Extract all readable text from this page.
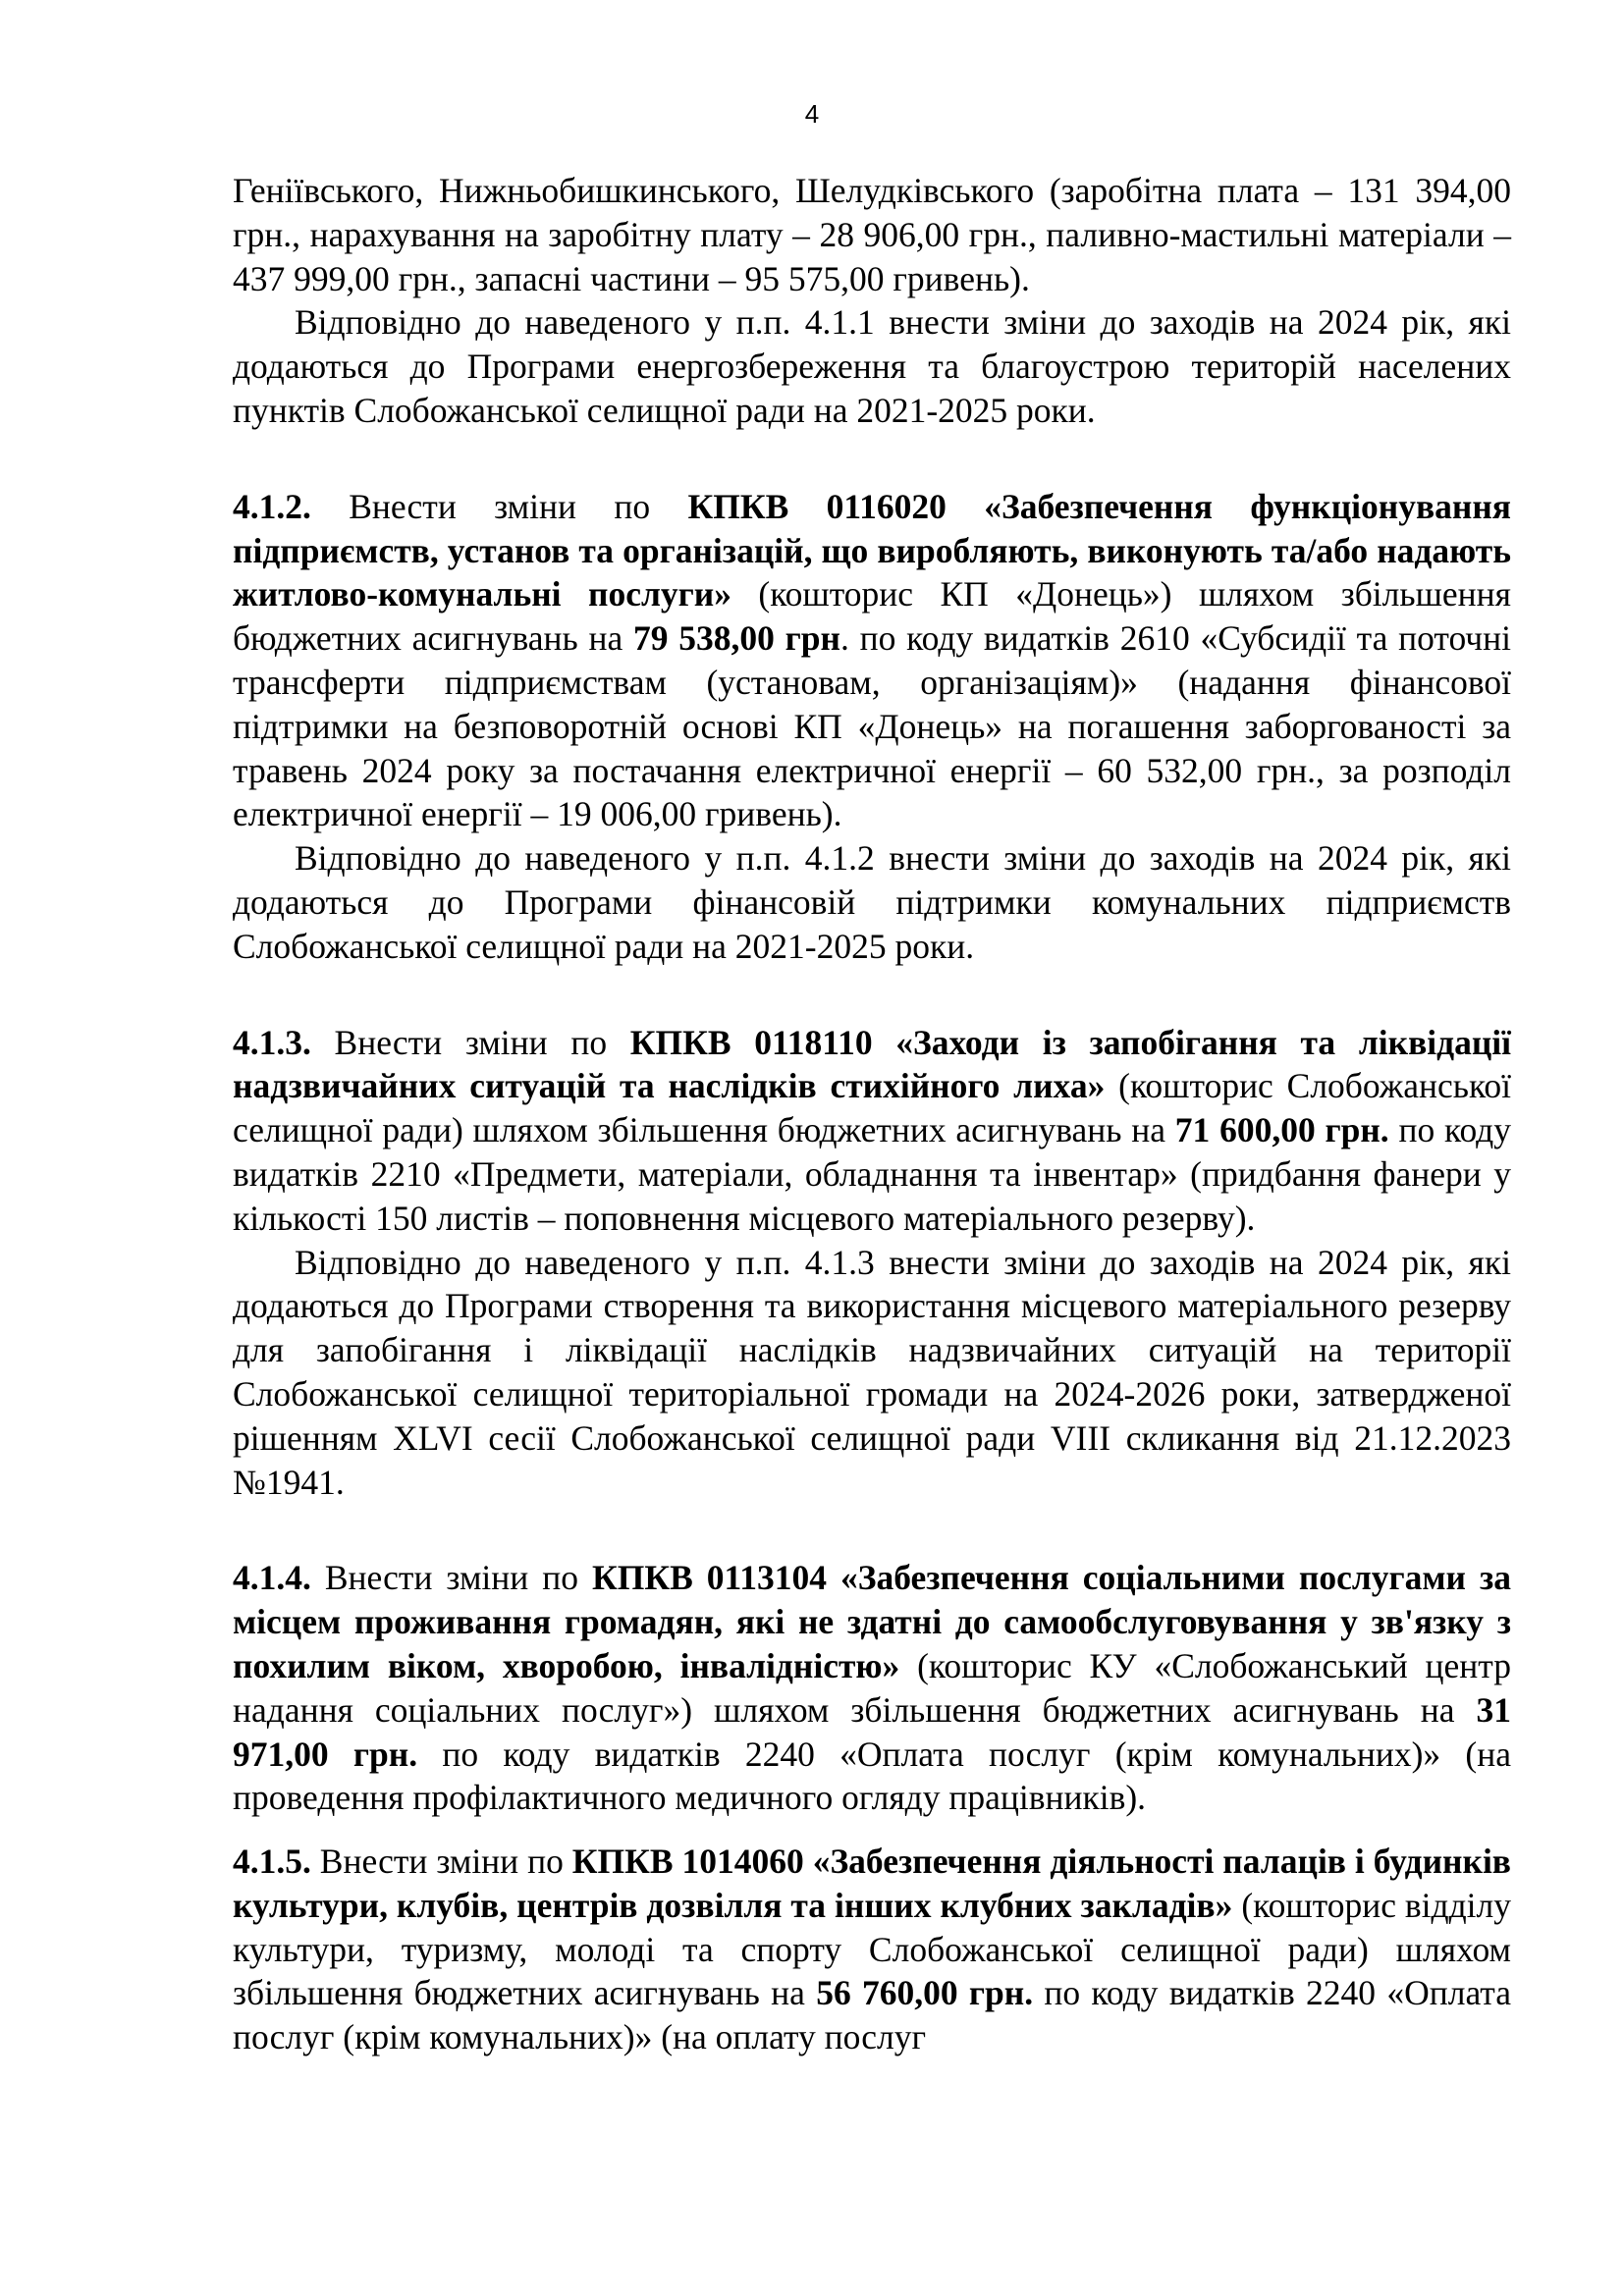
4

Геніївського, Нижньобишкинського, Шелудківського (заробітна плата – 131 394,00 грн., нарахування на заробітну плату – 28 906,00 грн., паливно-мастильні матеріали – 437 999,00 грн., запасні частини – 95 575,00 гривень).

Відповідно до наведеного у п.п. 4.1.1 внести зміни до заходів на 2024 рік, які додаються до Програми енергозбереження та благоустрою територій населених пунктів Слобожанської селищної ради на 2021-2025 роки.

4.1.2. Внести зміни по КПКВ 0116020 «Забезпечення функціонування підприємств, установ та організацій, що виробляють, виконують та/або надають житлово-комунальні послуги» (кошторис КП «Донець») шляхом збільшення бюджетних асигнувань на 79 538,00 грн. по коду видатків 2610 «Субсидії та поточні трансферти підприємствам (установам, організаціям)» (надання фінансової підтримки на безповоротній основі КП «Донець» на погашення заборгованості за травень 2024 року за постачання електричної енергії – 60 532,00 грн., за розподіл електричної енергії – 19 006,00 гривень).

Відповідно до наведеного у п.п. 4.1.2 внести зміни до заходів на 2024 рік, які додаються до Програми фінансовій підтримки комунальних підприємств Слобожанської селищної ради на 2021-2025 роки.

4.1.3. Внести зміни по КПКВ 0118110 «Заходи із запобігання та ліквідації надзвичайних ситуацій та наслідків стихійного лиха» (кошторис Слобожанської селищної ради) шляхом збільшення бюджетних асигнувань на 71 600,00 грн. по коду видатків 2210 «Предмети, матеріали, обладнання та інвентар» (придбання фанери у кількості 150 листів – поповнення місцевого матеріального резерву).

Відповідно до наведеного у п.п. 4.1.3 внести зміни до заходів на 2024 рік, які додаються до Програми створення та використання місцевого матеріального резерву для запобігання і ліквідації наслідків надзвичайних ситуацій на території Слобожанської селищної територіальної громади на 2024-2026 роки, затвердженої рішенням XLVI сесії Слобожанської селищної ради VIII скликання від 21.12.2023 №1941.

4.1.4. Внести зміни по КПКВ 0113104 «Забезпечення соціальними послугами за місцем проживання громадян, які не здатні до самообслуговування у зв'язку з похилим віком, хворобою, інвалідністю» (кошторис КУ «Слобожанський центр надання соціальних послуг») шляхом збільшення бюджетних асигнувань на 31 971,00 грн. по коду видатків 2240 «Оплата послуг (крім комунальних)» (на проведення профілактичного медичного огляду працівників).

4.1.5. Внести зміни по КПКВ 1014060 «Забезпечення діяльності палаців і будинків культури, клубів, центрів дозвілля та інших клубних закладів» (кошторис відділу культури, туризму, молоді та спорту Слобожанської селищної ради) шляхом збільшення бюджетних асигнувань на 56 760,00 грн. по коду видатків 2240 «Оплата послуг (крім комунальних)» (на оплату послуг
